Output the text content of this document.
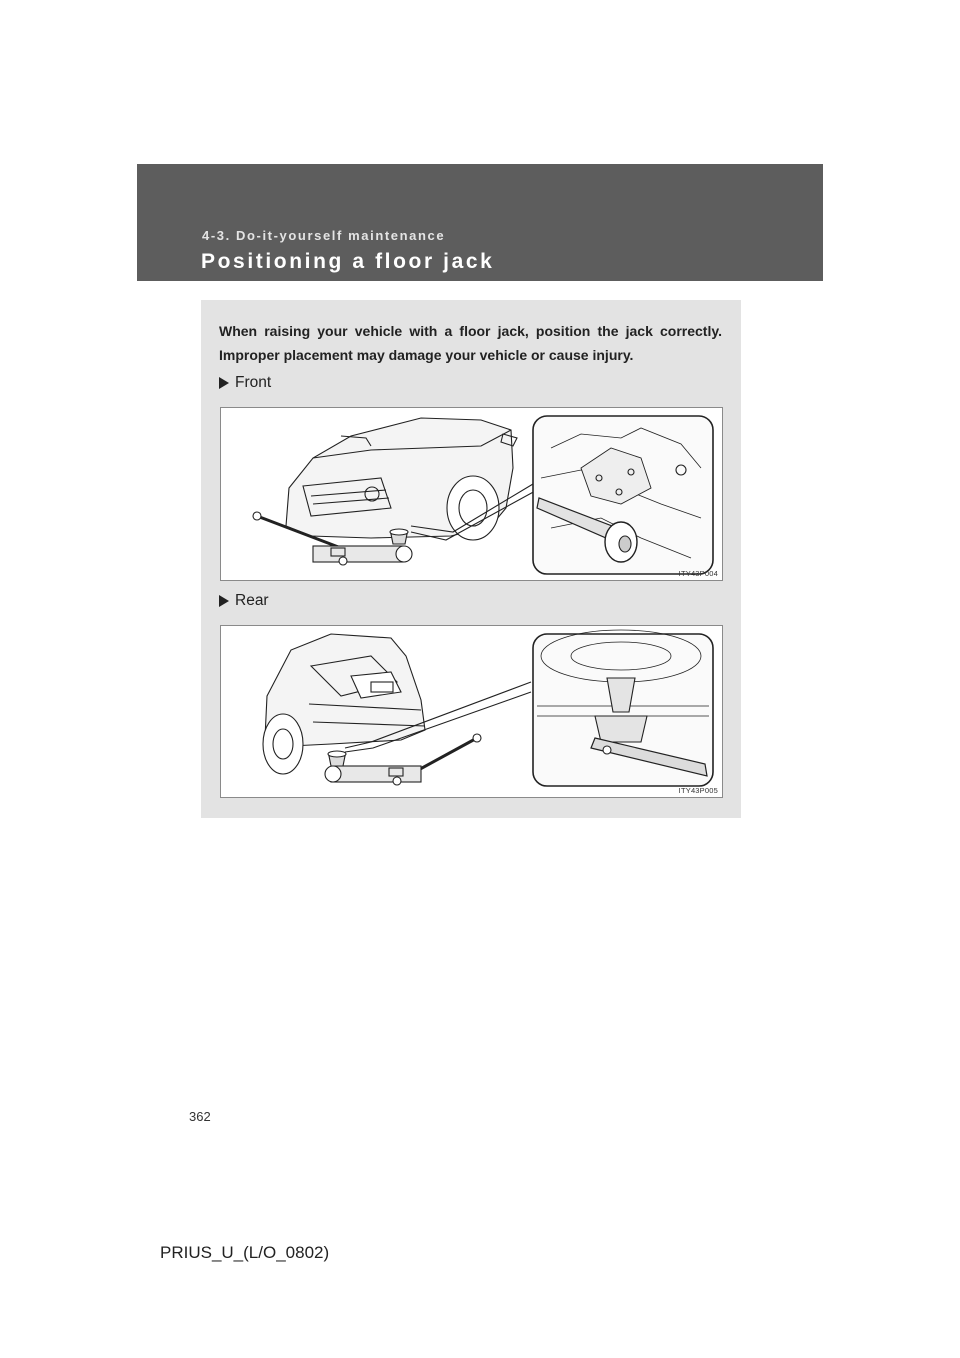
4-3. Do-it-yourself maintenance
Positioning a floor jack
When raising your vehicle with a floor jack, position the jack correctly. Improper placement may damage your vehicle or cause injury.
Front
ITY43P004
Rear
ITY43P005
362
PRIUS_U_(L/O_0802)
